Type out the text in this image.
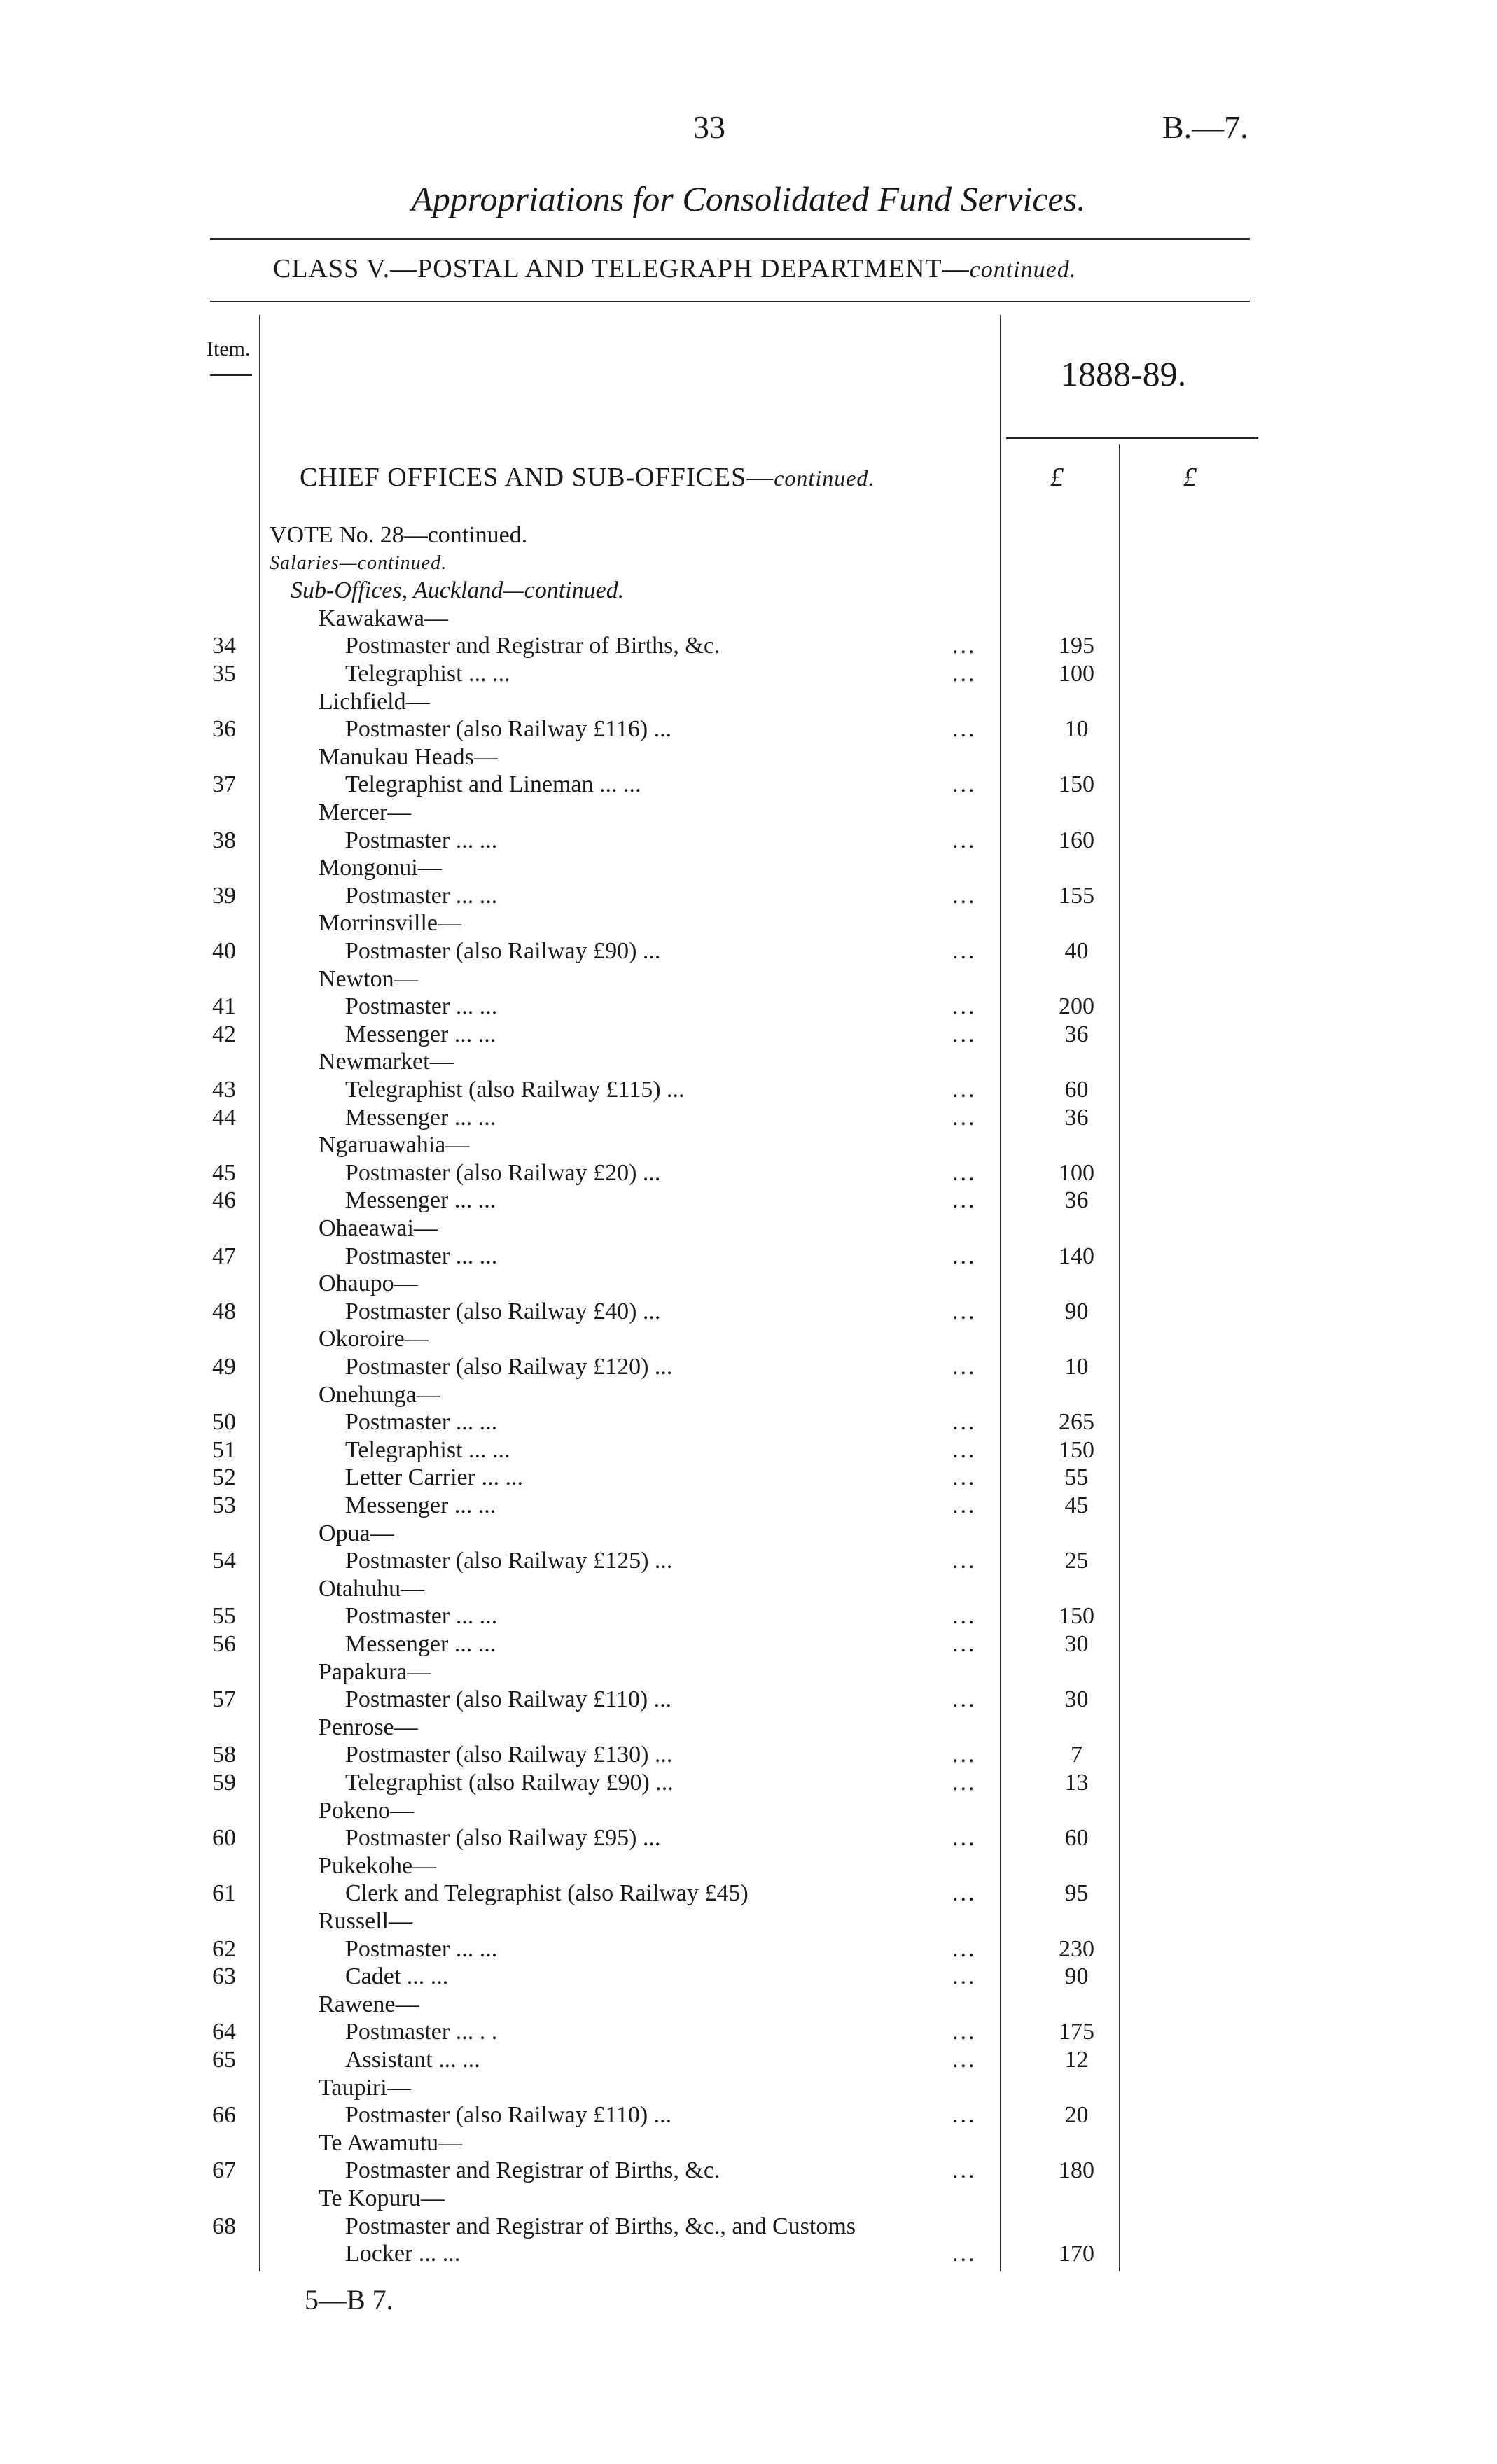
33	B.—7.
Appropriations for Consolidated Fund Services.
CLASS V.—POSTAL AND TELEGRAPH DEPARTMENT—continued.
Item.
1888-89.
CHIEF OFFICES AND SUB-OFFICES—continued.	£	£
VOTE No. 28—continued.
Salaries—continued.
Sub-Offices, Auckland—continued.
Kawakawa—
34	Postmaster and Registrar of Births, &c.	...	195
35	Telegraphist ... ...	...	100
Lichfield—
36	Postmaster (also Railway £116) ...	...	10
Manukau Heads—
37	Telegraphist and Lineman ... ...	...	150
Mercer—
38	Postmaster ... ...	...	160
Mongonui—
39	Postmaster ... ...	...	155
Morrinsville—
40	Postmaster (also Railway £90) ...	...	40
Newton—
41	Postmaster ... ...	...	200
42	Messenger ... ...	...	36
Newmarket—
43	Telegraphist (also Railway £115) ...	...	60
44	Messenger ... ...	...	36
Ngaruawahia—
45	Postmaster (also Railway £20) ...	...	100
46	Messenger ... ...	...	36
Ohaeawai—
47	Postmaster ... ...	...	140
Ohaupo—
48	Postmaster (also Railway £40) ...	...	90
Okoroire—
49	Postmaster (also Railway £120) ...	...	10
Onehunga—
50	Postmaster ... ...	...	265
51	Telegraphist ... ...	...	150
52	Letter Carrier ... ...	...	55
53	Messenger ... ...	...	45
Opua—
54	Postmaster (also Railway £125) ...	...	25
Otahuhu—
55	Postmaster ... ...	...	150
56	Messenger ... ...	...	30
Papakura—
57	Postmaster (also Railway £110) ...	...	30
Penrose—
58	Postmaster (also Railway £130) ...	...	7
59	Telegraphist (also Railway £90) ...	...	13
Pokeno—
60	Postmaster (also Railway £95) ...	...	60
Pukekohe—
61	Clerk and Telegraphist (also Railway £45)	...	95
Russell—
62	Postmaster ... ...	...	230
63	Cadet ... ...	...	90
Rawene—
64	Postmaster ... . .	...	175
65	Assistant ... ...	...	12
Taupiri—
66	Postmaster (also Railway £110) ...	...	20
Te Awamutu—
67	Postmaster and Registrar of Births, &c.	...	180
Te Kopuru—
68	Postmaster and Registrar of Births, &c., and Customs
Locker ... ...	...	170
5—B 7.
